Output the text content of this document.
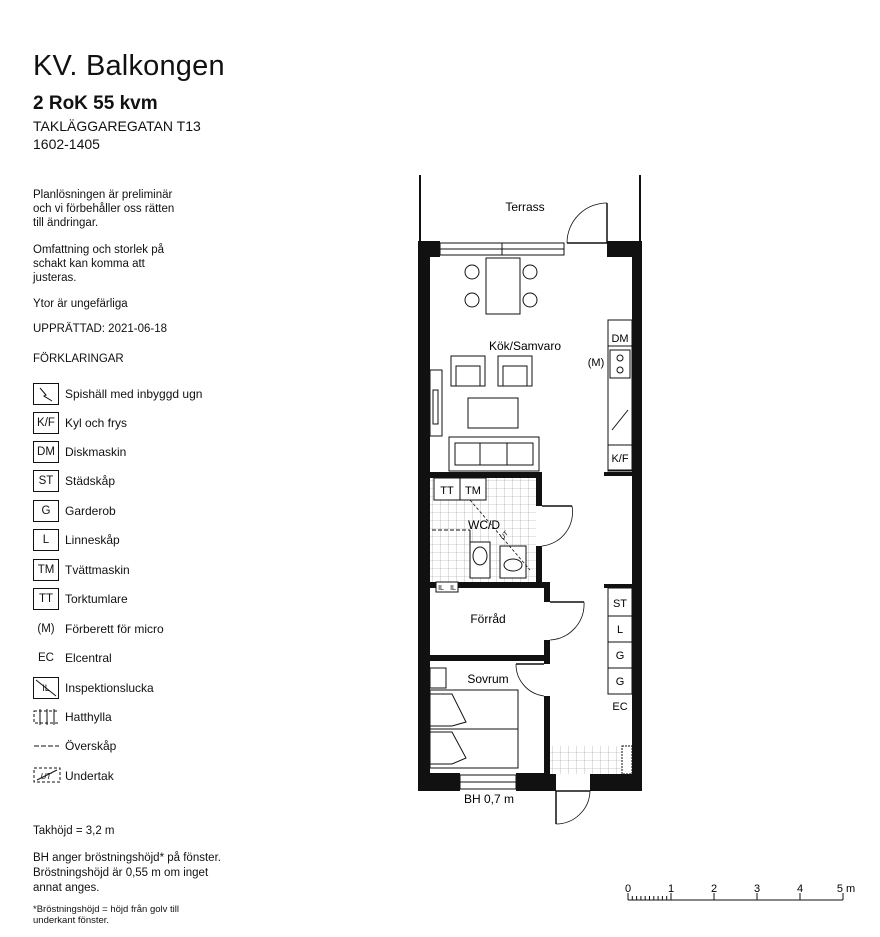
KV. Balkongen
2 RoK 55 kvm
TAKLÄGGAREGATAN T13
1602-1405
Planlösningen är preliminär
och vi förbehåller oss rätten
till ändringar.
Omfattning och storlek på
schakt kan komma att
justeras.
Ytor är ungefärliga
UPPRÄTTAD: 2021-06-18
FÖRKLARINGAR
Spishäll med inbyggd ugn
K/F Kyl och frys
DM Diskmaskin
ST Städskåp
G	Garderob
L	Linneskåp
TM Tvättmaskin
TT Torktumlare
(M) Förberett för micro
EC Elcentral
IL Inspektionslucka
Hatthylla
Överskåp
UT Undertak
Takhöjd = 3,2 m
BH anger bröstningshöjd* på fönster.
Bröstningshöjd är 0,55 m om inget
annat anges.
*Bröstningshöjd = höjd från golv till
underkant fönster.
DM
(M)
K/F
TT TM
IL IL
UT
ST
L
G
G
EC
Terrass
Kök/Samvaro
WC/D
Förråd
Sovrum
BH 0,7 m
0	1	2	3	4	5 m
